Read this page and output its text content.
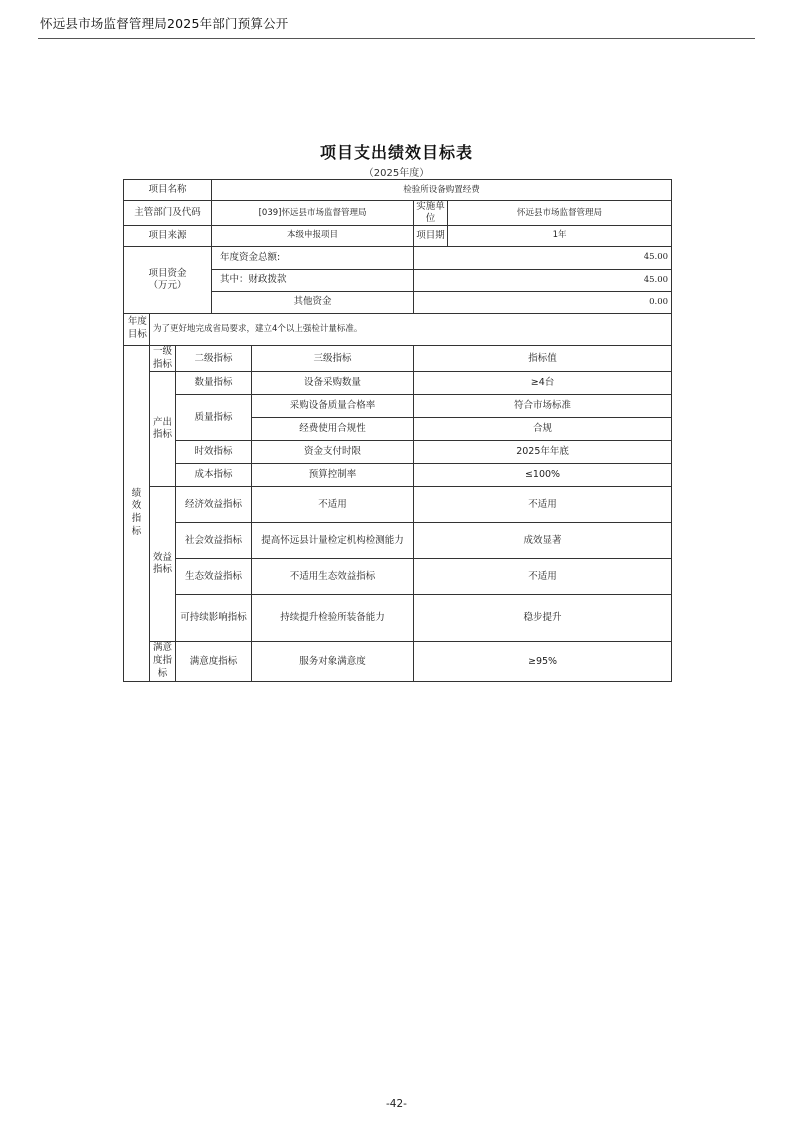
怀远县市场监督管理局2025年部门预算公开
项目支出绩效目标表
（2025年度）
项目名称			检验所设备购置经费			
主管部门及代码			[039]怀远县市场监督管理局		实施单位	怀远县市场监督管理局
项目来源			本级申报项目		项目期	1年
项目资金
（万元）			年度资金总额:		45.00	
			其中：财政拨款		45.00	
			其他资金		0.00	
年度目标	为了更好地完成省局要求，建立4个以上强检计量标准。					
绩效指标	一级指标	二级指标		三级指标	指标值	
	产出指标	数量指标		设备采购数量	≥4台	
		质量指标		采购设备质量合格率	符合市场标准	
				经费使用合规性	合规	
		时效指标		资金支付时限	2025年年底	
		成本指标		预算控制率	≤100%	
	效益指标	经济效益指标		不适用	不适用	
		社会效益指标		提高怀远县计量检定机构检测能力	成效显著	
		生态效益指标		不适用生态效益指标	不适用	
		可持续影响指标		持续提升检验所装备能力	稳步提升	
	满意度指标	满意度指标		服务对象满意度	≥95%	
-42-
